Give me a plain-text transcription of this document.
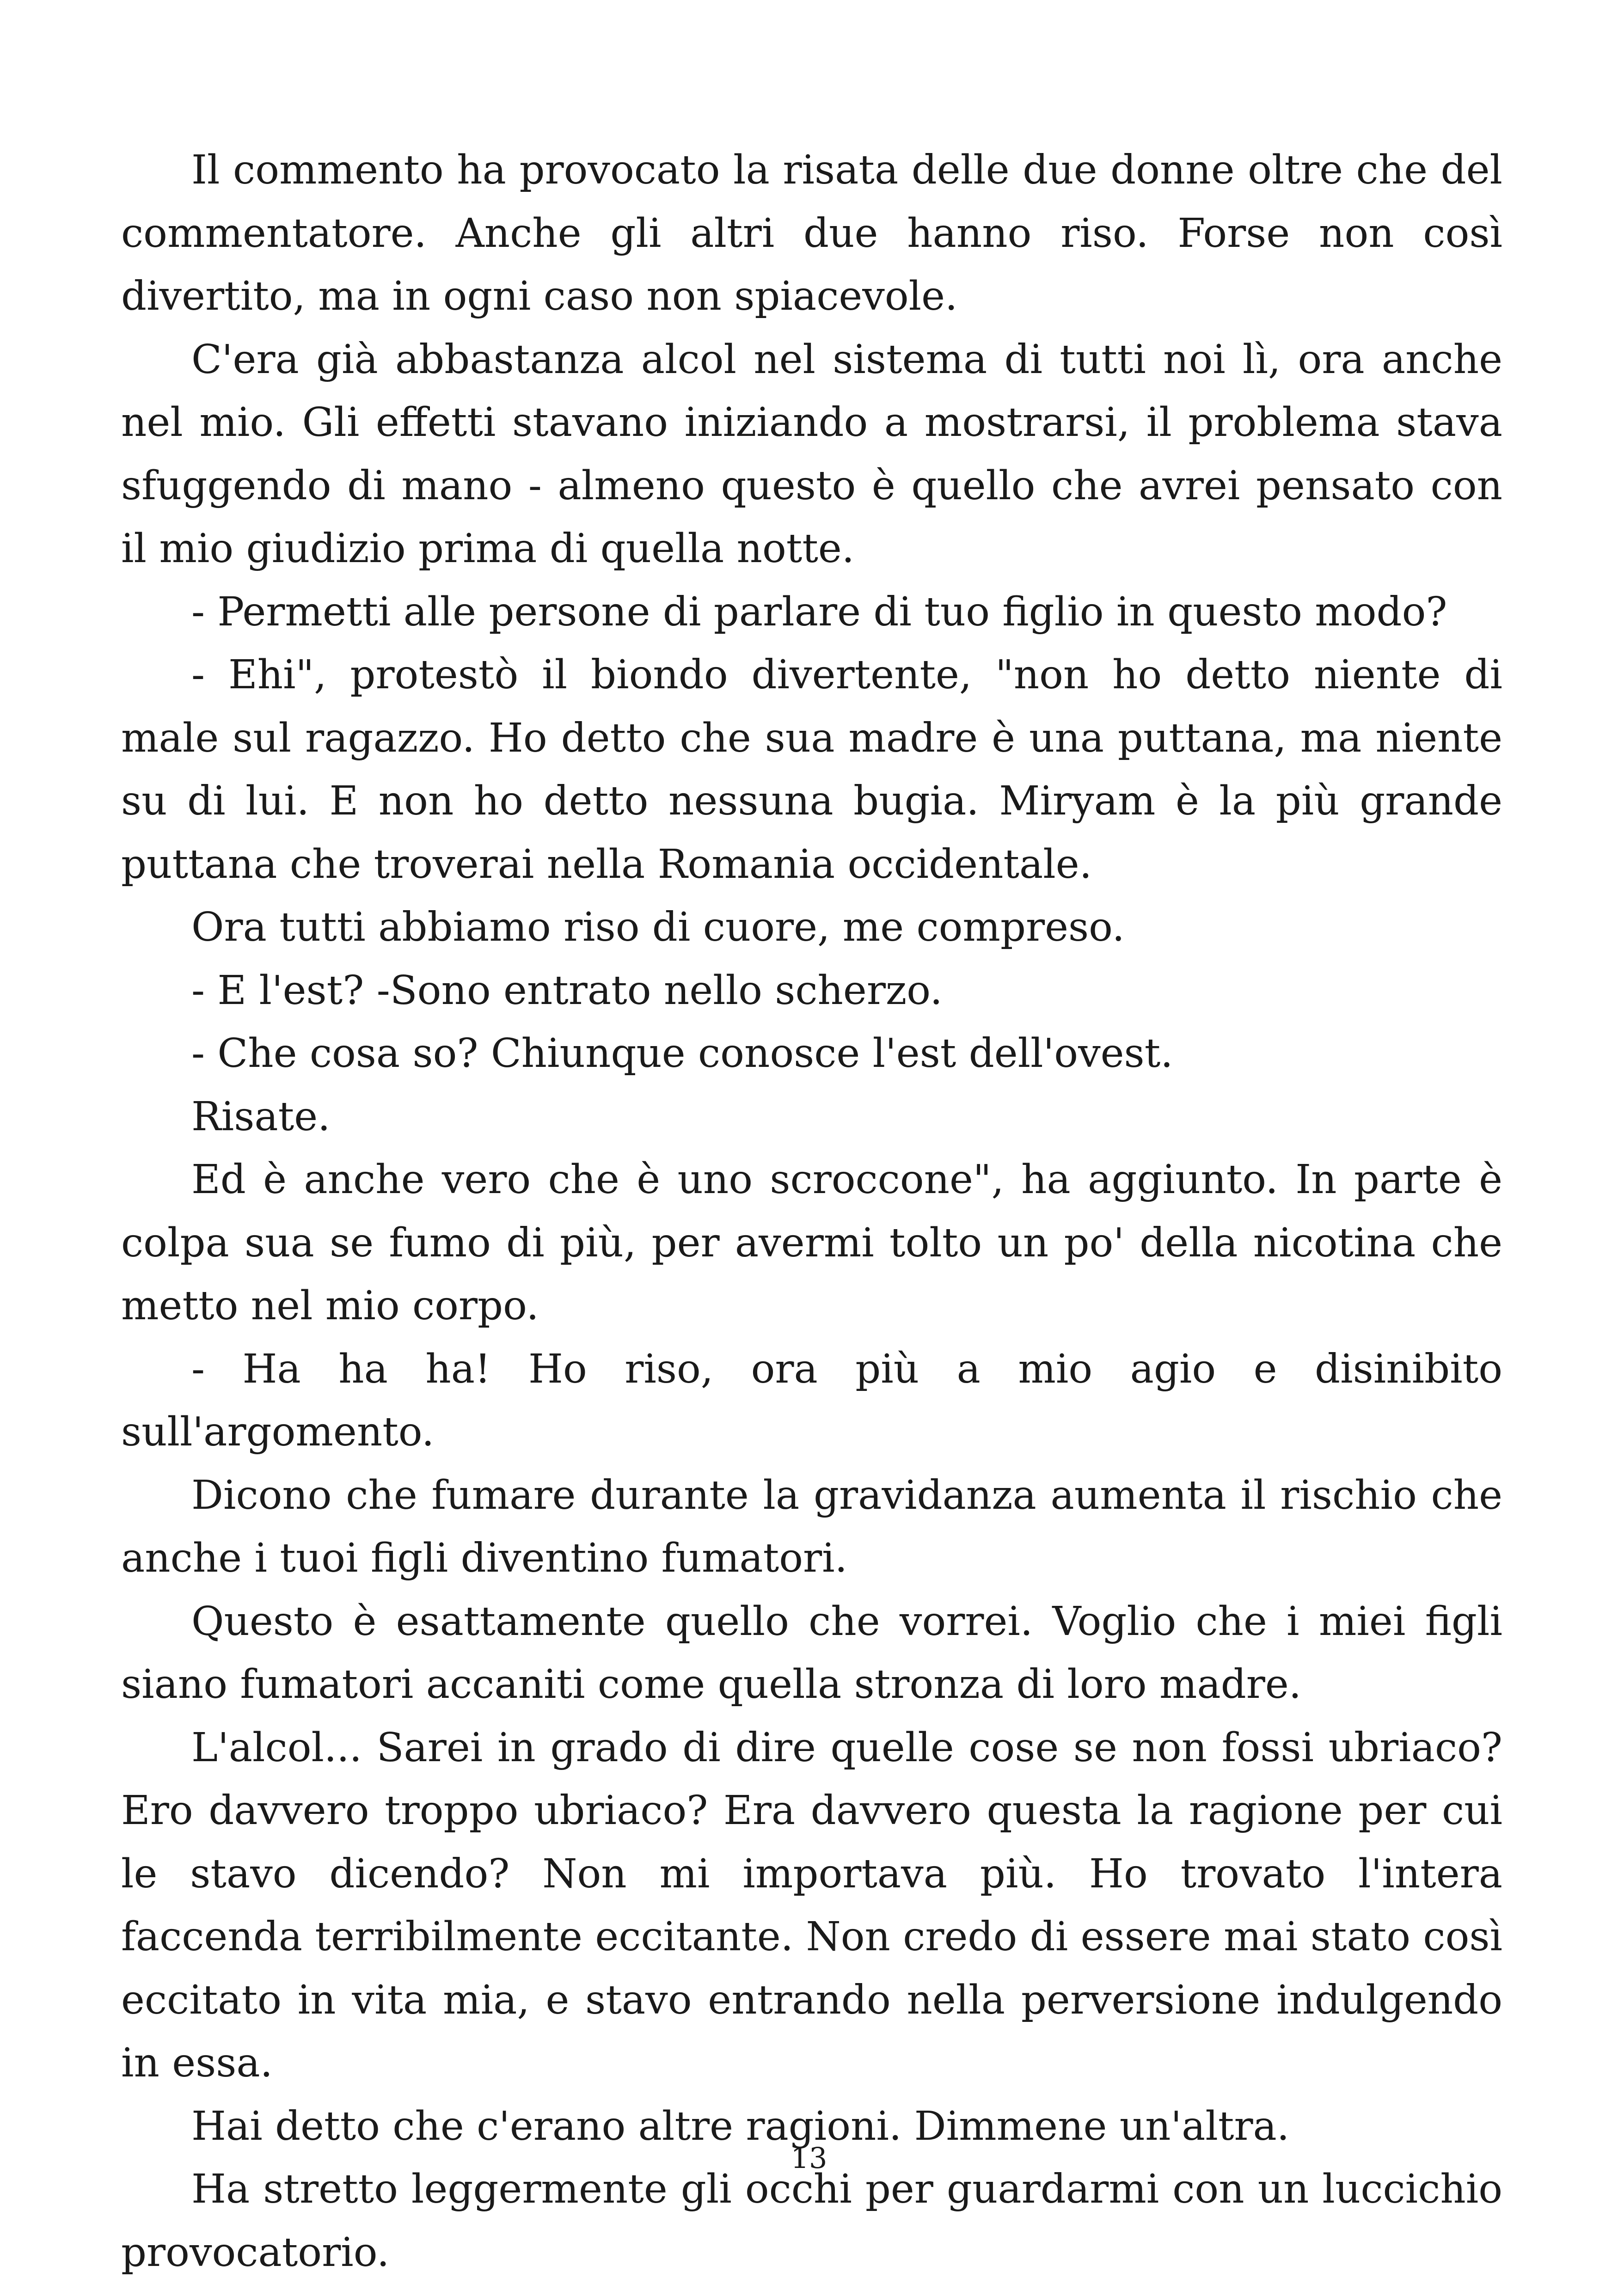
Il commento ha provocato la risata delle due donne oltre che del commentatore. Anche gli altri due hanno riso. Forse non così divertito, ma in ogni caso non spiacevole.

C'era già abbastanza alcol nel sistema di tutti noi lì, ora anche nel mio. Gli effetti stavano iniziando a mostrarsi, il problema stava sfuggendo di mano - almeno questo è quello che avrei pensato con il mio giudizio prima di quella notte.

- Permetti alle persone di parlare di tuo figlio in questo modo?

- Ehi", protestò il biondo divertente, "non ho detto niente di male sul ragazzo. Ho detto che sua madre è una puttana, ma niente su di lui. E non ho detto nessuna bugia. Miryam è la più grande puttana che troverai nella Romania occidentale.

Ora tutti abbiamo riso di cuore, me compreso.

- E l'est? -Sono entrato nello scherzo.

- Che cosa so? Chiunque conosce l'est dell'ovest.

Risate.

Ed è anche vero che è uno scroccone", ha aggiunto. In parte è colpa sua se fumo di più, per avermi tolto un po' della nicotina che metto nel mio corpo.

- Ha ha ha! Ho riso, ora più a mio agio e disinibito sull'argomento.

Dicono che fumare durante la gravidanza aumenta il rischio che anche i tuoi figli diventino fumatori.

Questo è esattamente quello che vorrei. Voglio che i miei figli siano fumatori accaniti come quella stronza di loro madre.

L'alcol... Sarei in grado di dire quelle cose se non fossi ubriaco? Ero davvero troppo ubriaco? Era davvero questa la ragione per cui le stavo dicendo? Non mi importava più. Ho trovato l'intera faccenda terribilmente eccitante. Non credo di essere mai stato così eccitato in vita mia, e stavo entrando nella perversione indulgendo in essa.

Hai detto che c'erano altre ragioni. Dimmene un'altra.

Ha stretto leggermente gli occhi per guardarmi con un luccichio provocatorio.

13
